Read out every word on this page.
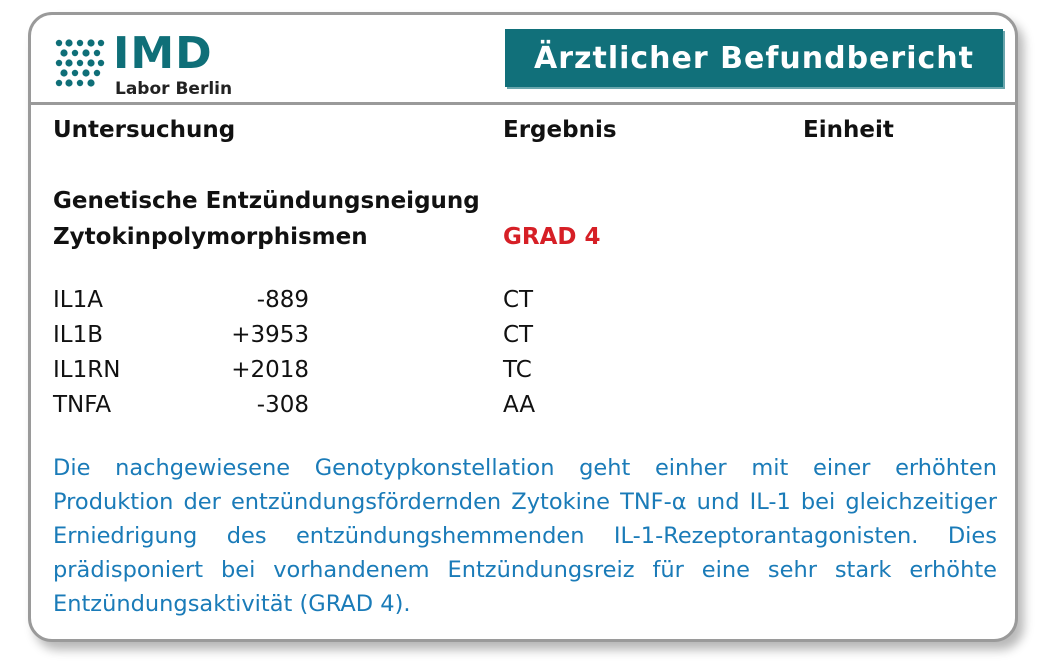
IMD
Labor Berlin
Ärztlicher Befundbericht
Untersuchung	Ergebnis	Einheit
Genetische Entzündungsneigung
Zytokinpolymorphismen	GRAD 4
IL1A	-889	CT
IL1B	+3953	CT
IL1RN	+2018	TC
TNFA	-308	AA
Die nachgewiesene Genotypkonstellation geht einher mit einer erhöhten Produktion der entzündungsfördernden Zytokine TNF-α und IL-1 bei gleichzeitiger Erniedrigung des entzündungshemmenden IL-1-Rezeptorantagonisten. Dies prädisponiert bei vorhandenem Entzündungsreiz für eine sehr stark erhöhte Entzündungsaktivität (GRAD 4).
